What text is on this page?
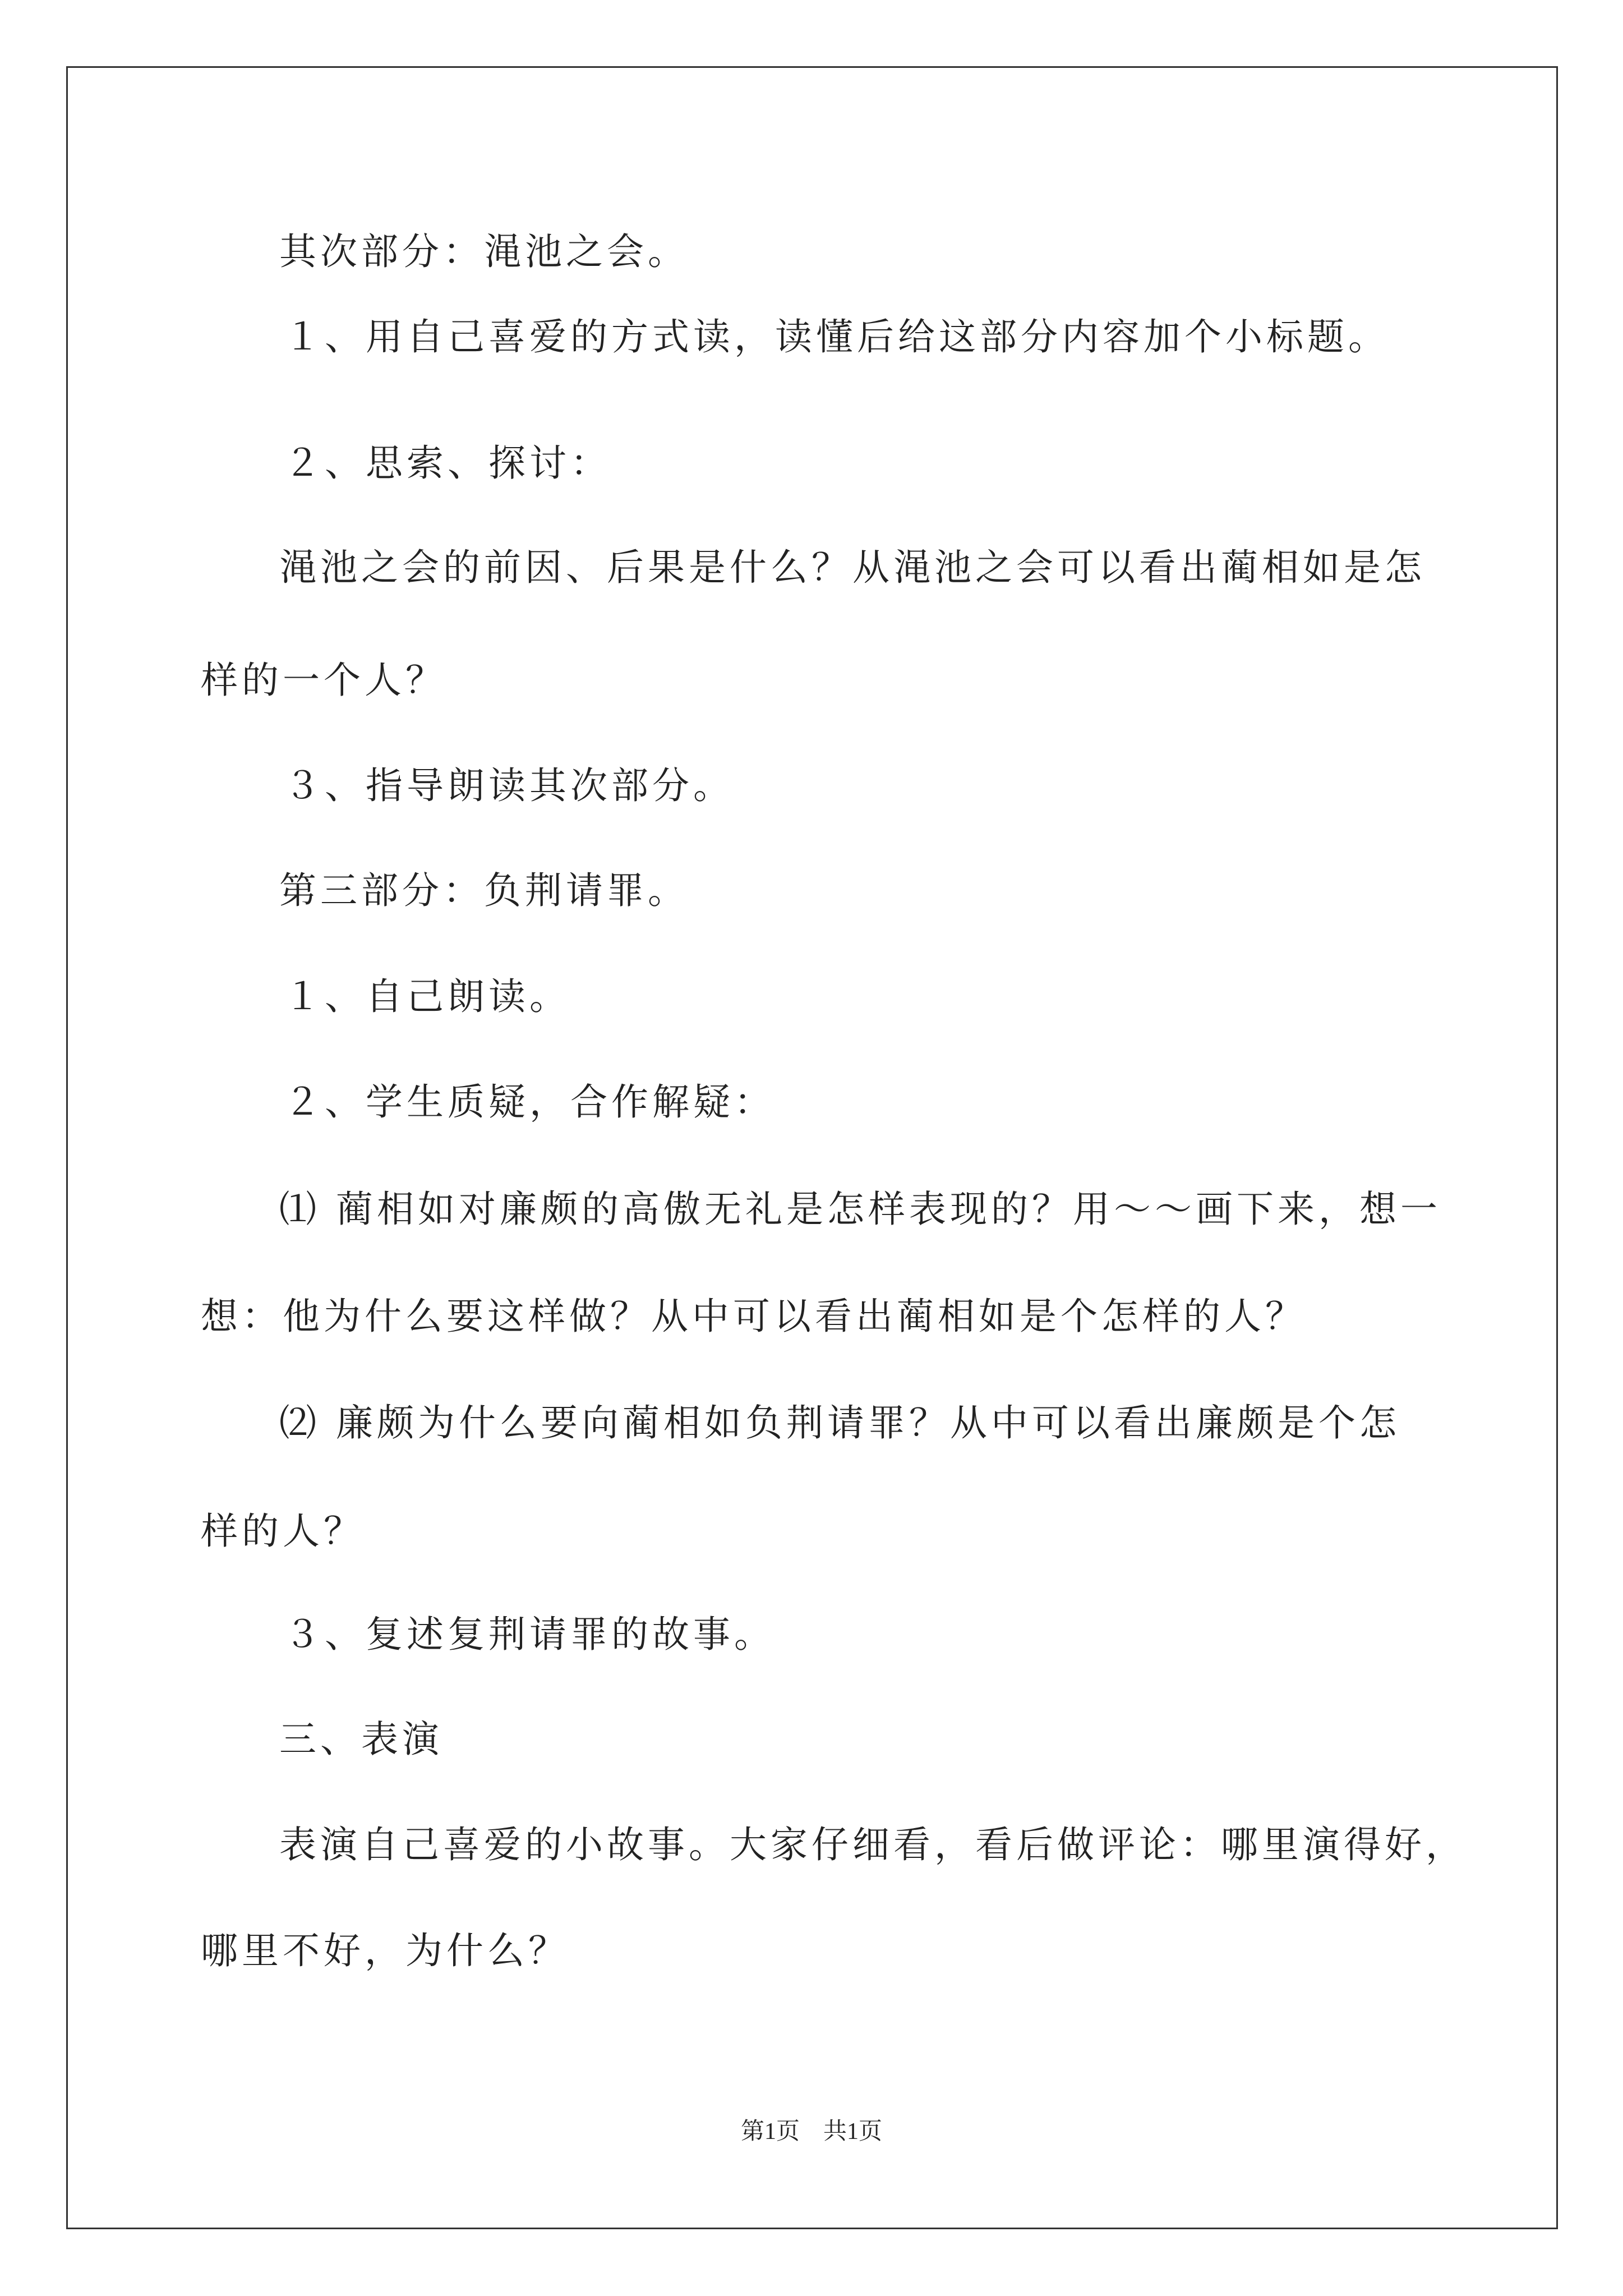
其次部分：渑池之会。
１、用自己喜爱的方式读，读懂后给这部分内容加个小标题。
２、思索、探讨：
渑池之会的前因、后果是什么？从渑池之会可以看出蔺相如是怎
样的一个人？
３、指导朗读其次部分。
第三部分：负荆请罪。
１、自己朗读。
２、学生质疑，合作解疑：
⑴ 蔺相如对廉颇的高傲无礼是怎样表现的？用～～画下来，想一
想：他为什么要这样做？从中可以看出蔺相如是个怎样的人？
⑵ 廉颇为什么要向蔺相如负荆请罪？从中可以看出廉颇是个怎
样的人？
３、复述复荆请罪的故事。
三、表演
表演自己喜爱的小故事。大家仔细看，看后做评论：哪里演得好，
哪里不好，为什么？
第1页　共1页
